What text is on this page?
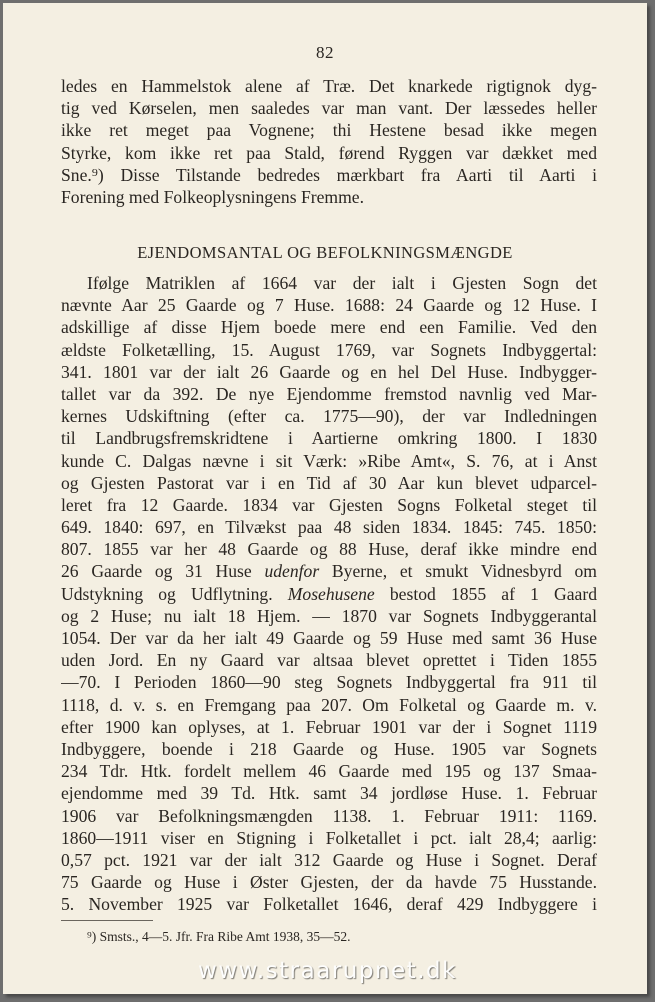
82
ledes en Hammelstok alene af Træ. Det knarkede rigtignok dyg-
tig ved Kørselen, men saaledes var man vant. Der læssedes heller
ikke ret meget paa Vognene; thi Hestene besad ikke megen
Styrke, kom ikke ret paa Stald, førend Ryggen var dækket med
Sne.⁹) Disse Tilstande bedredes mærkbart fra Aarti til Aarti i
Forening med Folkeoplysningens Fremme.
EJENDOMSANTAL OG BEFOLKNINGSMÆNGDE
Ifølge Matriklen af 1664 var der ialt i Gjesten Sogn det
nævnte Aar 25 Gaarde og 7 Huse. 1688: 24 Gaarde og 12 Huse. I
adskillige af disse Hjem boede mere end een Familie. Ved den
ældste Folketælling, 15. August 1769, var Sognets Indbyggertal:
341. 1801 var der ialt 26 Gaarde og en hel Del Huse. Indbygger-
tallet var da 392. De nye Ejendomme fremstod navnlig ved Mar-
kernes Udskiftning (efter ca. 1775—90), der var Indledningen
til Landbrugsfremskridtene i Aartierne omkring 1800. I 1830
kunde C. Dalgas nævne i sit Værk: »Ribe Amt«, S. 76, at i Anst
og Gjesten Pastorat var i en Tid af 30 Aar kun blevet udparcel-
leret fra 12 Gaarde. 1834 var Gjesten Sogns Folketal steget til
649. 1840: 697, en Tilvækst paa 48 siden 1834. 1845: 745. 1850:
807. 1855 var her 48 Gaarde og 88 Huse, deraf ikke mindre end
26 Gaarde og 31 Huse udenfor Byerne, et smukt Vidnesbyrd om
Udstykning og Udflytning. Mosehusene bestod 1855 af 1 Gaard
og 2 Huse; nu ialt 18 Hjem. — 1870 var Sognets Indbyggerantal
1054. Der var da her ialt 49 Gaarde og 59 Huse med samt 36 Huse
uden Jord. En ny Gaard var altsaa blevet oprettet i Tiden 1855
—70. I Perioden 1860—90 steg Sognets Indbyggertal fra 911 til
1118, d. v. s. en Fremgang paa 207. Om Folketal og Gaarde m. v.
efter 1900 kan oplyses, at 1. Februar 1901 var der i Sognet 1119
Indbyggere, boende i 218 Gaarde og Huse. 1905 var Sognets
234 Tdr. Htk. fordelt mellem 46 Gaarde med 195 og 137 Smaa-
ejendomme med 39 Td. Htk. samt 34 jordløse Huse. 1. Februar
1906 var Befolkningsmængden 1138. 1. Februar 1911: 1169.
1860—1911 viser en Stigning i Folketallet i pct. ialt 28,4; aarlig:
0,57 pct. 1921 var der ialt 312 Gaarde og Huse i Sognet. Deraf
75 Gaarde og Huse i Øster Gjesten, der da havde 75 Husstande.
5. November 1925 var Folketallet 1646, deraf 429 Indbyggere i
⁹) Smsts., 4—5. Jfr. Fra Ribe Amt 1938, 35—52.
www.straarupnet.dk
